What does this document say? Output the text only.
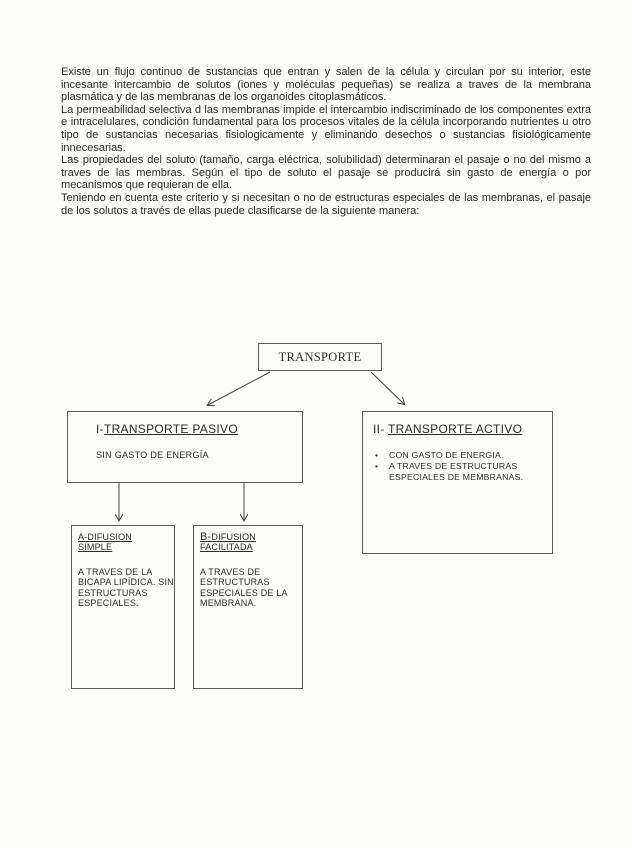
Existe un flujo continuo de sustancias que entran y salen de la célula y circulan por su interior, este incesante intercambio de solutos (iones y moléculas pequeñas) se realiza a traves de la membrana plasmática y de las membranas de los organoides citoplasmáticos.

La permeabilidad selectiva d las membranas impide el intercambio indiscriminado de los componentes extra e intracelulares, condición fundamental para los procesos vitales de la célula incorporando nutrientes u otro tipo de sustancias necesarias fisiologicamente y eliminando desechos o sustancias fisiológicamente innecesarias.

Las propiedades del soluto (tamaño, carga eléctrica, solubilidad) determinaran el pasaje o no del mismo a traves de las membras. Según el tipo de soluto el pasaje se producirá sin gasto de energía o por mecanismos que requieran de ella.

Teniendo en cuenta este criterio y si necesitan o no de estructuras especiales de las membranas, el pasaje de los solutos a través de ellas puede clasificarse de la siguiente manera:

TRANSPORTE
I-TRANSPORTE PASIVO
SIN GASTO DE ENERGÍA
II- TRANSPORTE ACTIVO
• CON GASTO DE ENERGIA.
• A TRAVES DE ESTRUCTURAS ESPECIALES DE MEMBRANAS.
A-DIFUSION SIMPLE
A TRAVES DE LA BICAPA LIPÍDICA. SIN ESTRUCTURAS ESPECIALES.
B-DIFUSION FACILITADA
A TRAVES DE ESTRUCTURAS ESPECIALES DE LA MEMBRANA.
